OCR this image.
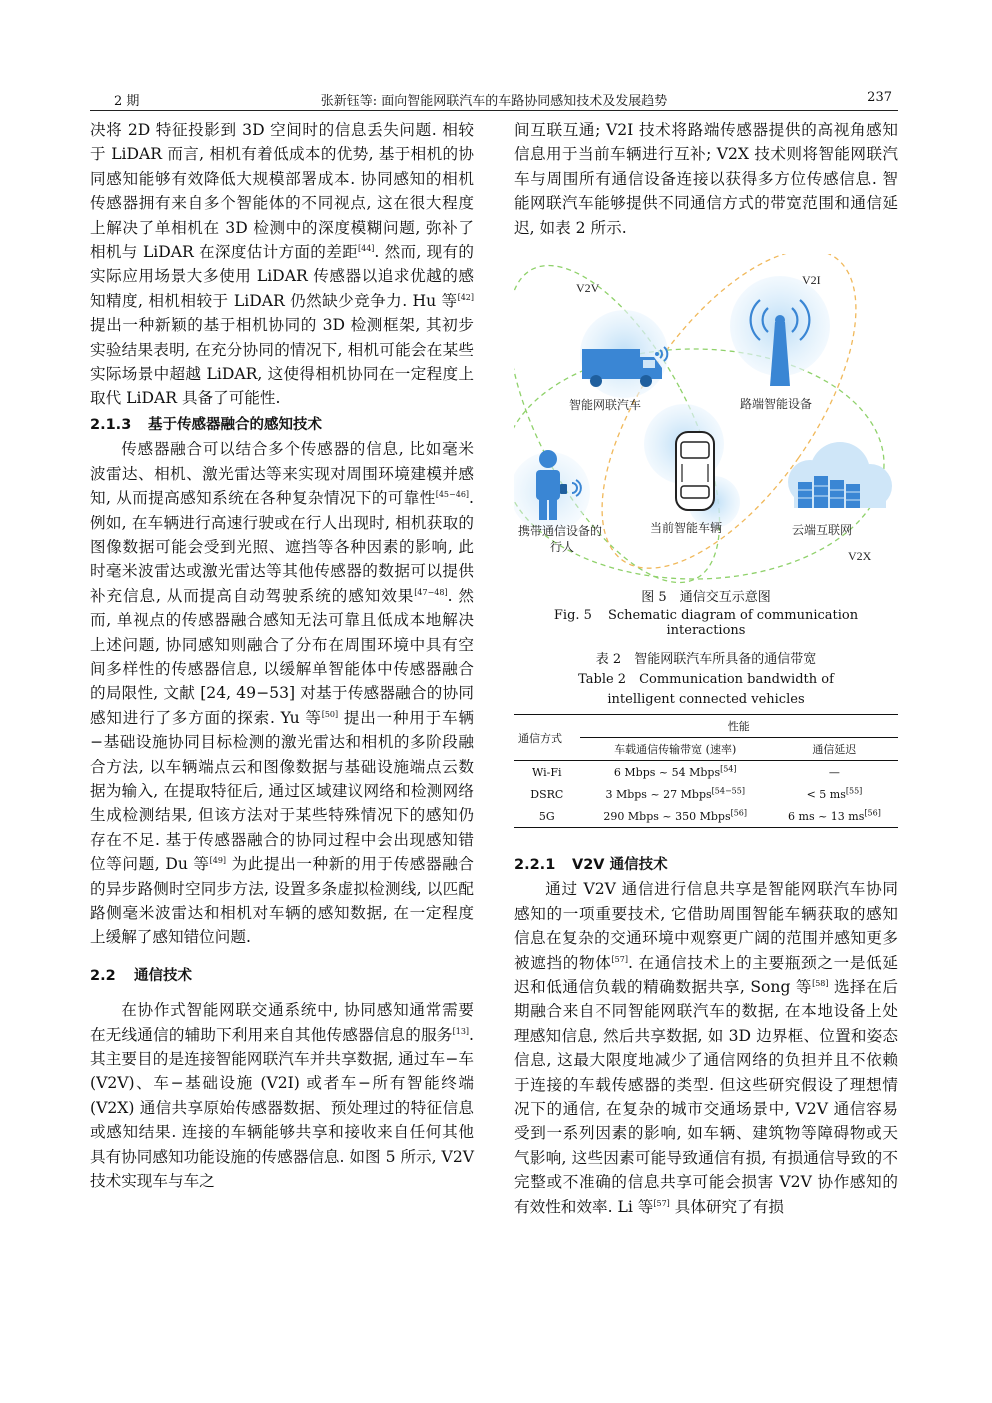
2 期	张新钰等: 面向智能网联汽车的车路协同感知技术及发展趋势	237

决将 2D 特征投影到 3D 空间时的信息丢失问题. 相较于 LiDAR 而言, 相机有着低成本的优势, 基于相机的协同感知能够有效降低大规模部署成本. 协同感知的相机传感器拥有来自多个智能体的不同视点, 这在很大程度上解决了单相机在 3D 检测中的深度模糊问题, 弥补了相机与 LiDAR 在深度估计方面的差距[44]. 然而, 现有的实际应用场景大多使用 LiDAR 传感器以追求优越的感知精度, 相机相较于 LiDAR 仍然缺少竞争力. Hu 等[42] 提出一种新颖的基于相机协同的 3D 检测框架, 其初步实验结果表明, 在充分协同的情况下, 相机可能会在某些实际场景中超越 LiDAR, 这使得相机协同在一定程度上取代 LiDAR 具备了可能性.

2.1.3 基于传感器融合的感知技术

传感器融合可以结合多个传感器的信息, 比如毫米波雷达、相机、激光雷达等来实现对周围环境建模并感知, 从而提高感知系统在各种复杂情况下的可靠性[45−46]. 例如, 在车辆进行高速行驶或在行人出现时, 相机获取的图像数据可能会受到光照、遮挡等各种因素的影响, 此时毫米波雷达或激光雷达等其他传感器的数据可以提供补充信息, 从而提高自动驾驶系统的感知效果[47−48]. 然而, 单视点的传感器融合感知无法可靠且低成本地解决上述问题, 协同感知则融合了分布在周围环境中具有空间多样性的传感器信息, 以缓解单智能体中传感器融合的局限性, 文献 [24, 49−53] 对基于传感器融合的协同感知进行了多方面的探索. Yu 等[50] 提出一种用于车辆−基础设施协同目标检测的激光雷达和相机的多阶段融合方法, 以车辆端点云和图像数据与基础设施端点云数据为输入, 在提取特征后, 通过区域建议网络和检测网络生成检测结果, 但该方法对于某些特殊情况下的感知仍存在不足. 基于传感器融合的协同过程中会出现感知错位等问题, Du 等[49] 为此提出一种新的用于传感器融合的异步路侧时空同步方法, 设置多条虚拟检测线, 以匹配路侧毫米波雷达和相机对车辆的感知数据, 在一定程度上缓解了感知错位问题.

2.2 通信技术

在协作式智能网联交通系统中, 协同感知通常需要在无线通信的辅助下利用来自其他传感器信息的服务[13]. 其主要目的是连接智能网联汽车并共享数据, 通过车−车 (V2V)、车−基础设施 (V2I) 或者车−所有智能终端 (V2X) 通信共享原始传感器数据、预处理过的特征信息或感知结果. 连接的车辆能够共享和接收来自任何其他具有协同感知功能设施的传感器信息. 如图 5 所示, V2V 技术实现车与车之

间互联互通; V2I 技术将路端传感器提供的高视角感知信息用于当前车辆进行互补; V2X 技术则将智能网联汽车与周围所有通信设备连接以获得多方位传感信息. 智能网联汽车能够提供不同通信方式的带宽范围和通信延迟, 如表 2 所示.

V2V
V2I
V2X
智能网联汽车	路端智能设备
携带通信设备的
行人
当前智能车辆	云端互联网
图 5　通信交互示意图
Fig. 5 Schematic diagram of communication interactions
表 2　智能网联汽车所具备的通信带宽
Table 2　Communication bandwidth of
intelligent connected vehicles
通信方式	性能	
	车载通信传输带宽 (速率)	通信延迟
Wi-Fi	6 Mbps ~ 54 Mbps[54]	—
DSRC	3 Mbps ~ 27 Mbps[54−55]	< 5 ms[55]
5G	290 Mbps ~ 350 Mbps[56]	6 ms ~ 13 ms[56]

2.2.1 V2V 通信技术

通过 V2V 通信进行信息共享是智能网联汽车协同感知的一项重要技术, 它借助周围智能车辆获取的感知信息在复杂的交通环境中观察更广阔的范围并感知更多被遮挡的物体[57]. 在通信技术上的主要瓶颈之一是低延迟和低通信负载的精确数据共享, Song 等[58] 选择在后期融合来自不同智能网联汽车的数据, 在本地设备上处理感知信息, 然后共享数据, 如 3D 边界框、位置和姿态信息, 这最大限度地减少了通信网络的负担并且不依赖于连接的车载传感器的类型. 但这些研究假设了理想情况下的通信, 在复杂的城市交通场景中, V2V 通信容易受到一系列因素的影响, 如车辆、建筑物等障碍物或天气影响, 这些因素可能导致通信有损, 有损通信导致的不完整或不准确的信息共享可能会损害 V2V 协作感知的有效性和效率. Li 等[57] 具体研究了有损
